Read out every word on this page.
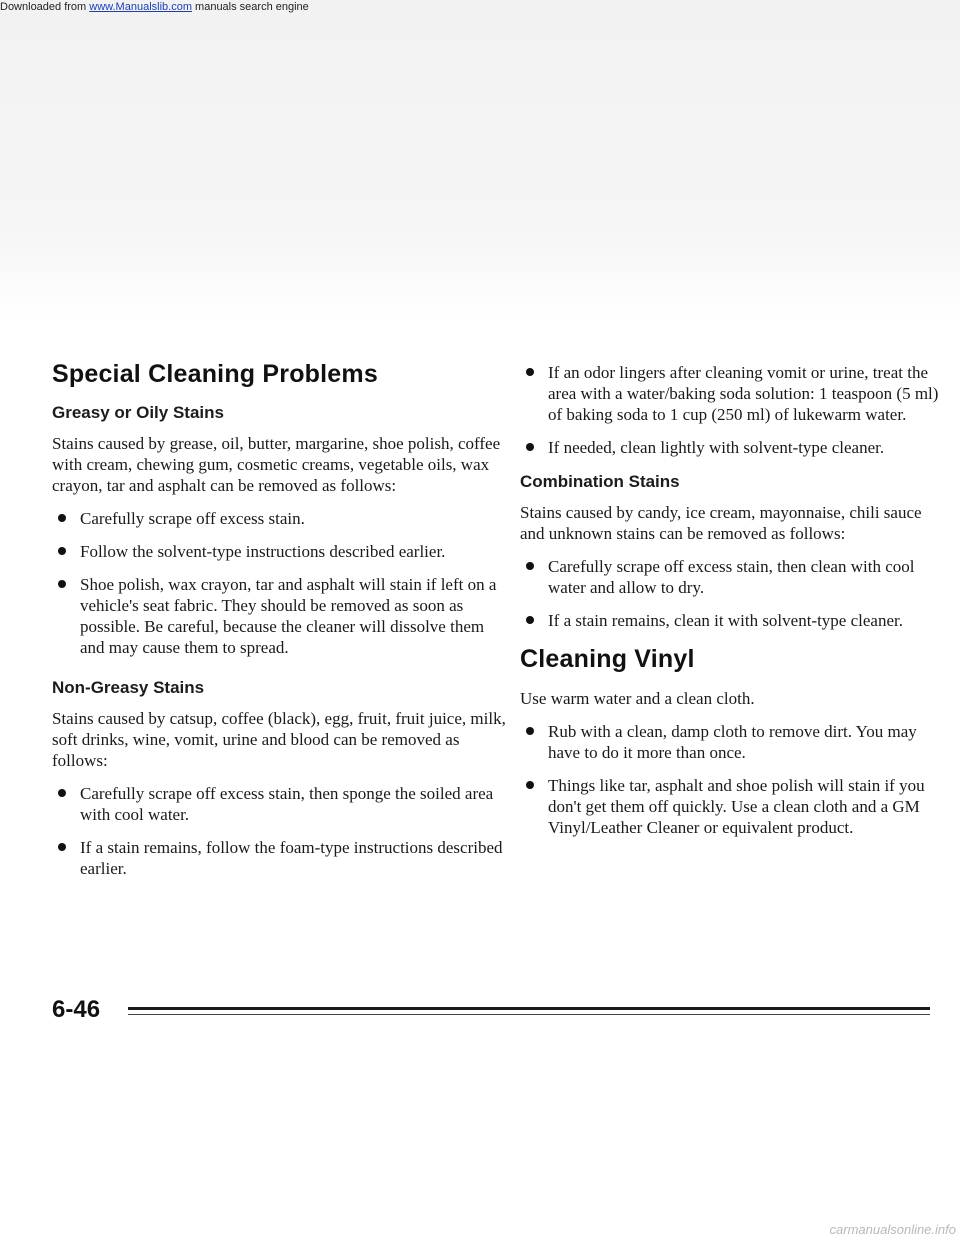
Special Cleaning Problems
Greasy or Oily Stains

Stains caused by grease, oil, butter, margarine, shoe polish, coffee with cream, chewing gum, cosmetic creams, vegetable oils, wax crayon, tar and asphalt can be removed as follows:

Carefully scrape off excess stain.
Follow the solvent-type instructions described earlier.
Shoe polish, wax crayon, tar and asphalt will stain if left on a vehicle's seat fabric. They should be removed as soon as possible. Be careful, because the cleaner will dissolve them and may cause them to spread.
Non-Greasy Stains

Stains caused by catsup, coffee (black), egg, fruit, fruit juice, milk, soft drinks, wine, vomit, urine and blood can be removed as follows:

Carefully scrape off excess stain, then sponge the soiled area with cool water.
If a stain remains, follow the foam-type instructions described earlier.
If an odor lingers after cleaning vomit or urine, treat the area with a water/baking soda solution: 1 teaspoon (5 ml) of baking soda to 1 cup (250 ml) of lukewarm water.
If needed, clean lightly with solvent-type cleaner.
Combination Stains

Stains caused by candy, ice cream, mayonnaise, chili sauce and unknown stains can be removed as follows:

Carefully scrape off excess stain, then clean with cool water and allow to dry.
If a stain remains, clean it with solvent-type cleaner.
Cleaning Vinyl

Use warm water and a clean cloth.

Rub with a clean, damp cloth to remove dirt. You may have to do it more than once.
Things like tar, asphalt and shoe polish will stain if you don't get them off quickly. Use a clean cloth and a GM Vinyl/Leather Cleaner or equivalent product.
6-46
Downloaded from www.Manualslib.com manuals search engine
carmanualsonline.info
